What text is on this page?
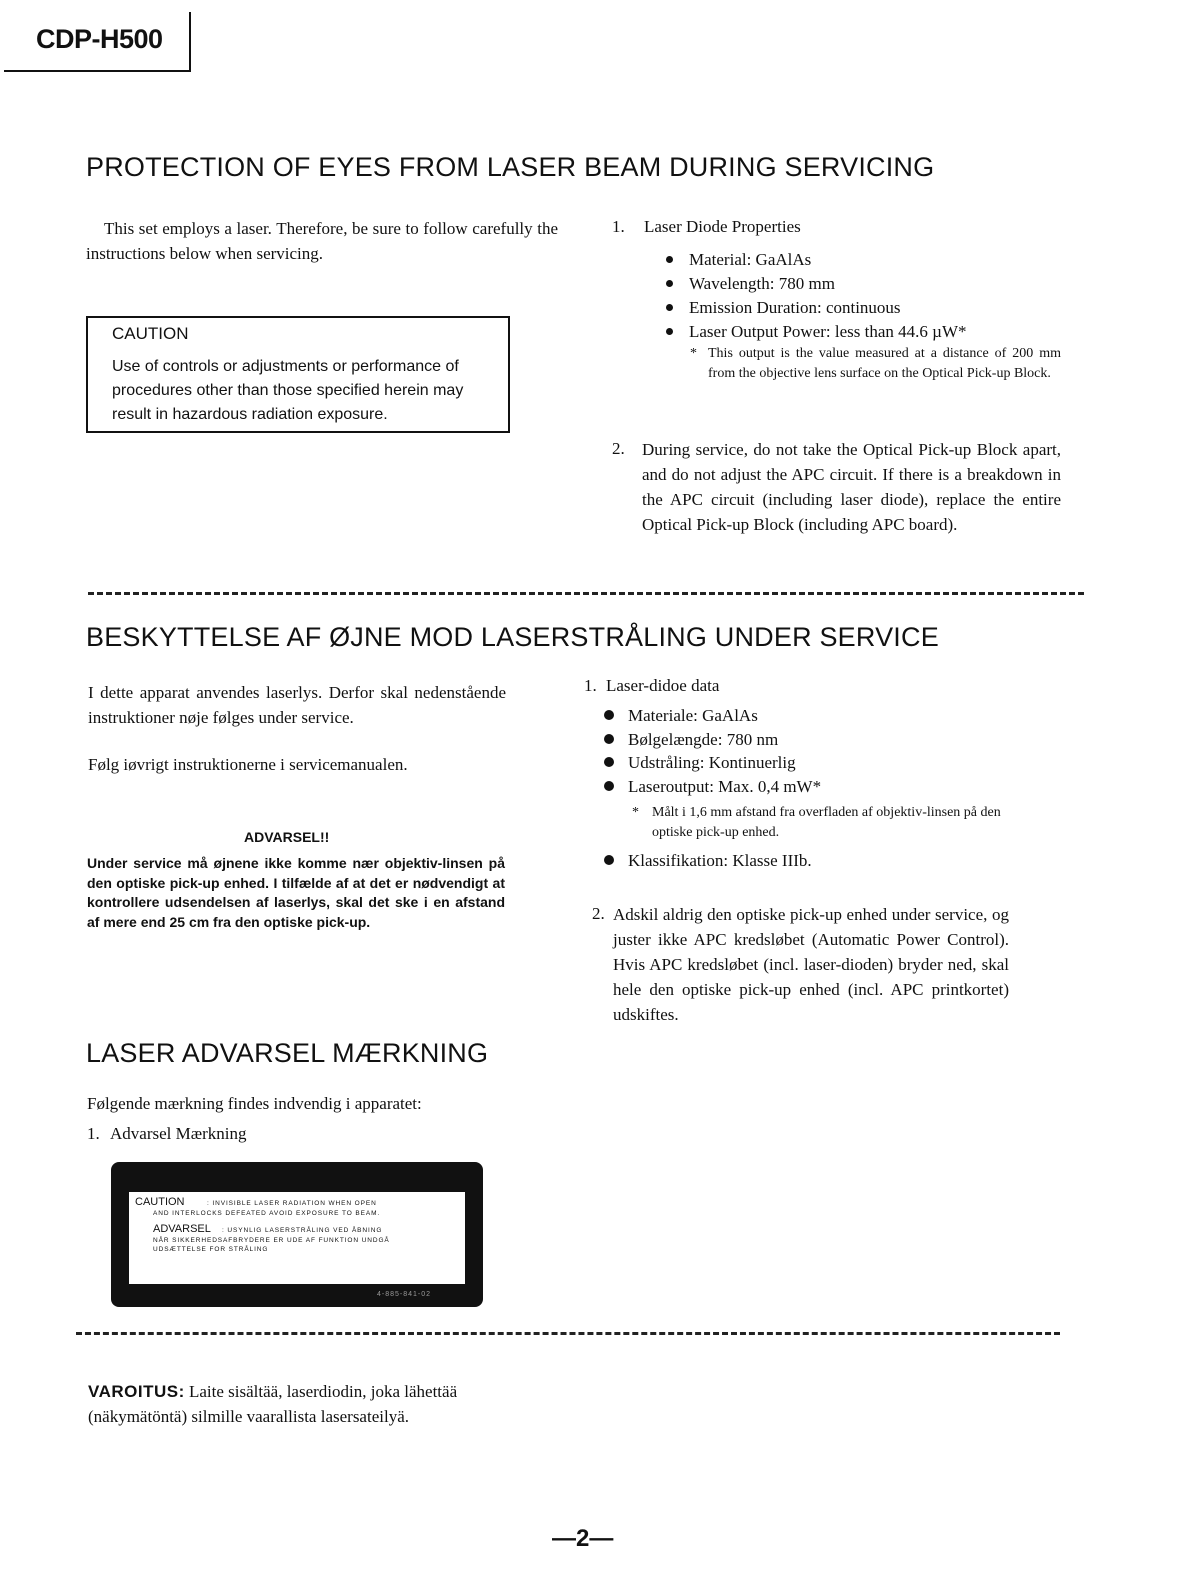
CDP-H500
PROTECTION OF EYES FROM LASER BEAM DURING SERVICING
This set employs a laser. Therefore, be sure to follow carefully the instructions below when servicing.
CAUTION
Use of controls or adjustments or performance of procedures other than those specified herein may result in hazardous radiation exposure.
1. Laser Diode Properties
Material: GaAlAs
Wavelength: 780 mm
Emission Duration: continuous
Laser Output Power: less than 44.6 µW*
* This output is the value measured at a distance of 200 mm from the objective lens surface on the Optical Pick-up Block.
2. During service, do not take the Optical Pick-up Block apart, and do not adjust the APC circuit. If there is a breakdown in the APC circuit (including laser diode), replace the entire Optical Pick-up Block (including APC board).
BESKYTTELSE AF ØJNE MOD LASERSTRÅLING UNDER SERVICE
I dette apparat anvendes laserlys. Derfor skal nedenstående instruktioner nøje følges under service.
Følg iøvrigt instruktionerne i servicemanualen.
ADVARSEL!!
Under service må øjnene ikke komme nær objektiv-linsen på den optiske pick-up enhed. I tilfælde af at det er nødvendigt at kontrollere udsendelsen af laserlys, skal det ske i en afstand af mere end 25 cm fra den optiske pick-up.
1. Laser-didoe data
Materiale: GaAlAs
Bølgelængde: 780 nm
Udstråling: Kontinuerlig
Laseroutput: Max. 0,4 mW*
* Målt i 1,6 mm afstand fra overfladen af objektiv-linsen på den optiske pick-up enhed.
Klassifikation: Klasse IIIb.
2. Adskil aldrig den optiske pick-up enhed under service, og juster ikke APC kredsløbet (Automatic Power Control). Hvis APC kredsløbet (incl. laser-dioden) bryder ned, skal hele den optiske pick-up enhed (incl. APC printkortet) udskiftes.
LASER ADVARSEL MÆRKNING
Følgende mærkning findes indvendig i apparatet:
1. Advarsel Mærkning
CAUTION	: INVISIBLE LASER RADIATION WHEN OPEN
AND INTERLOCKS DEFEATED AVOID EXPOSURE TO BEAM.
ADVARSEL : USYNLIG LASERSTRÅLING VED ÅBNING
NÅR SIKKERHEDSAFBRYDERE ER UDE AF FUNKTION UNDGÅ
UDSÆTTELSE FOR STRÅLING
4-885-841-02
VAROITUS: Laite sisältää, laserdiodin, joka lähettää (näkymätöntä) silmille vaarallista lasersateilyä.
—2—
